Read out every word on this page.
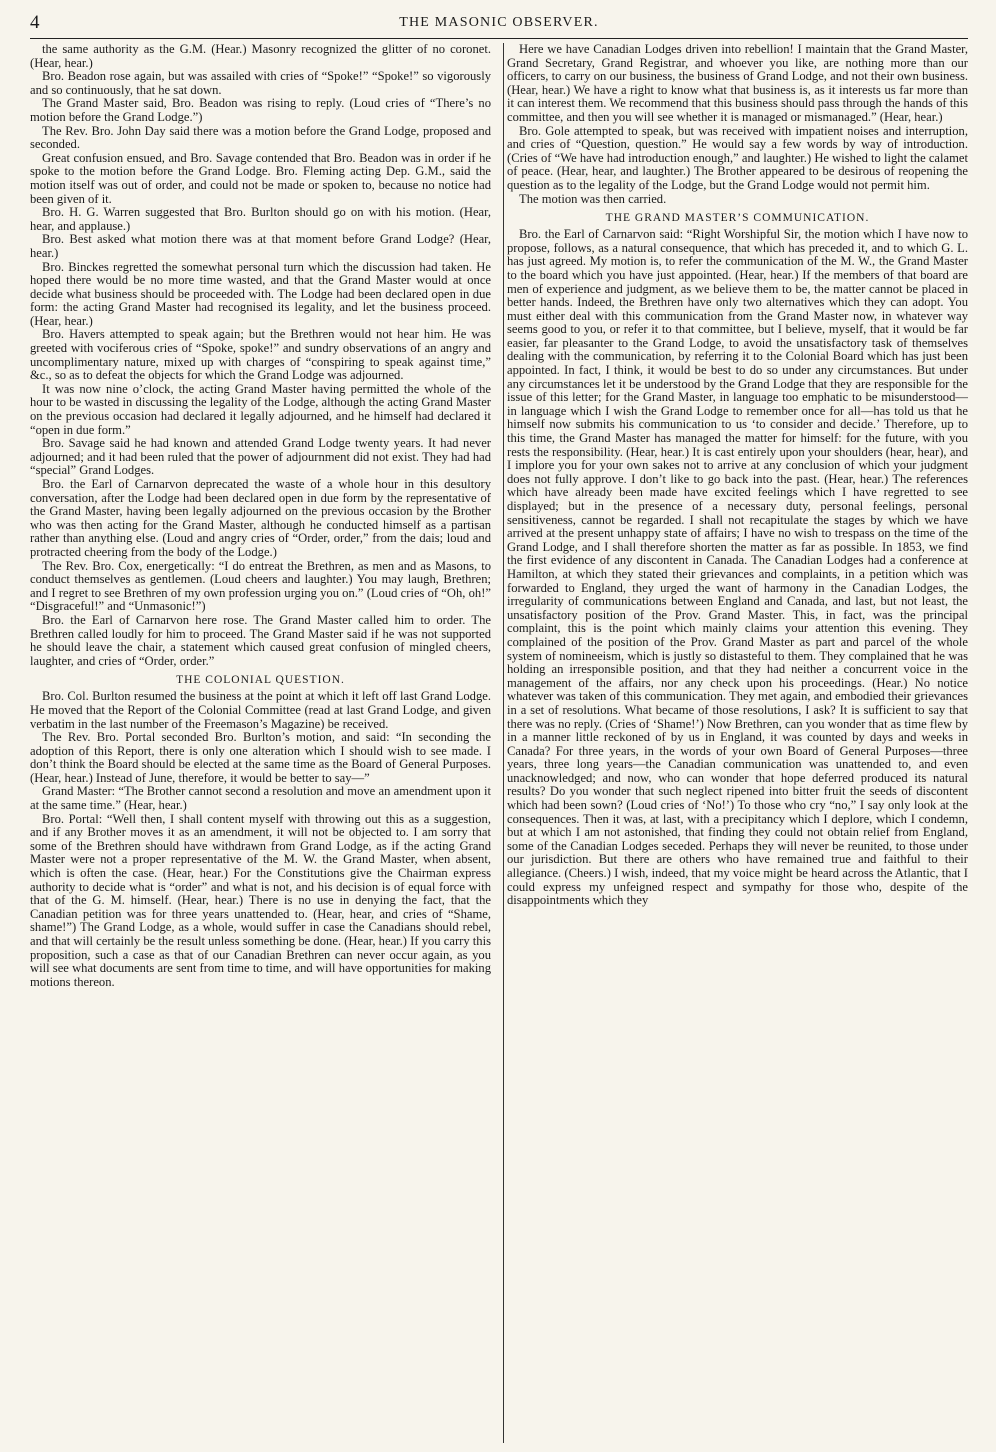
4	THE MASONIC OBSERVER.

the same authority as the G.M. (Hear.) Masonry recognized the glitter of no coronet. (Hear, hear.)

Bro. Beadon rose again, but was assailed with cries of “Spoke!” “Spoke!” so vigorously and so continuously, that he sat down.

The Grand Master said, Bro. Beadon was rising to reply. (Loud cries of “There’s no motion before the Grand Lodge.”)

The Rev. Bro. John Day said there was a motion before the Grand Lodge, proposed and seconded.

Great confusion ensued, and Bro. Savage contended that Bro. Beadon was in order if he spoke to the motion before the Grand Lodge. Bro. Fleming acting Dep. G.M., said the motion itself was out of order, and could not be made or spoken to, because no notice had been given of it.

Bro. H. G. Warren suggested that Bro. Burlton should go on with his motion. (Hear, hear, and applause.)

Bro. Best asked what motion there was at that moment before Grand Lodge? (Hear, hear.)

Bro. Binckes regretted the somewhat personal turn which the discussion had taken. He hoped there would be no more time wasted, and that the Grand Master would at once decide what business should be proceeded with. The Lodge had been declared open in due form: the acting Grand Master had recognised its legality, and let the business proceed. (Hear, hear.)

Bro. Havers attempted to speak again; but the Brethren would not hear him. He was greeted with vociferous cries of “Spoke, spoke!” and sundry observations of an angry and uncomplimentary nature, mixed up with charges of “conspiring to speak against time,” &c., so as to defeat the objects for which the Grand Lodge was adjourned.

It was now nine o’clock, the acting Grand Master having permitted the whole of the hour to be wasted in discussing the legality of the Lodge, although the acting Grand Master on the previous occasion had declared it legally adjourned, and he himself had declared it “open in due form.”

Bro. Savage said he had known and attended Grand Lodge twenty years. It had never adjourned; and it had been ruled that the power of adjournment did not exist. They had had “special” Grand Lodges.

Bro. the Earl of Carnarvon deprecated the waste of a whole hour in this desultory conversation, after the Lodge had been declared open in due form by the representative of the Grand Master, having been legally adjourned on the previous occasion by the Brother who was then acting for the Grand Master, although he conducted himself as a partisan rather than anything else. (Loud and angry cries of “Order, order,” from the dais; loud and protracted cheering from the body of the Lodge.)

The Rev. Bro. Cox, energetically: “I do entreat the Brethren, as men and as Masons, to conduct themselves as gentlemen. (Loud cheers and laughter.) You may laugh, Brethren; and I regret to see Brethren of my own profession urging you on.” (Loud cries of “Oh, oh!” “Disgraceful!” and “Unmasonic!”)

Bro. the Earl of Carnarvon here rose. The Grand Master called him to order. The Brethren called loudly for him to proceed. The Grand Master said if he was not supported he should leave the chair, a statement which caused great confusion of mingled cheers, laughter, and cries of “Order, order.”

THE COLONIAL QUESTION.

Bro. Col. Burlton resumed the business at the point at which it left off last Grand Lodge. He moved that the Report of the Colonial Committee (read at last Grand Lodge, and given verbatim in the last number of the Freemason’s Magazine) be received.

The Rev. Bro. Portal seconded Bro. Burlton’s motion, and said: “In seconding the adoption of this Report, there is only one alteration which I should wish to see made. I don’t think the Board should be elected at the same time as the Board of General Purposes. (Hear, hear.) Instead of June, therefore, it would be better to say—”

Grand Master: “The Brother cannot second a resolution and move an amendment upon it at the same time.” (Hear, hear.)

Bro. Portal: “Well then, I shall content myself with throwing out this as a suggestion, and if any Brother moves it as an amendment, it will not be objected to. I am sorry that some of the Brethren should have withdrawn from Grand Lodge, as if the acting Grand Master were not a proper representative of the M. W. the Grand Master, when absent, which is often the case. (Hear, hear.) For the Constitutions give the Chairman express authority to decide what is “order” and what is not, and his decision is of equal force with that of the G. M. himself. (Hear, hear.) There is no use in denying the fact, that the Canadian petition was for three years unattended to. (Hear, hear, and cries of “Shame, shame!”) The Grand Lodge, as a whole, would suffer in case the Canadians should rebel, and that will certainly be the result unless something be done. (Hear, hear.) If you carry this proposition, such a case as that of our Canadian Brethren can never occur again, as you will see what documents are sent from time to time, and will have opportunities for making motions thereon.

Here we have Canadian Lodges driven into rebellion! I maintain that the Grand Master, Grand Secretary, Grand Registrar, and whoever you like, are nothing more than our officers, to carry on our business, the business of Grand Lodge, and not their own business. (Hear, hear.) We have a right to know what that business is, as it interests us far more than it can interest them. We recommend that this business should pass through the hands of this committee, and then you will see whether it is managed or mismanaged.” (Hear, hear.)

Bro. Gole attempted to speak, but was received with impatient noises and interruption, and cries of “Question, question.” He would say a few words by way of introduction. (Cries of “We have had introduction enough,” and laughter.) He wished to light the calamet of peace. (Hear, hear, and laughter.) The Brother appeared to be desirous of reopening the question as to the legality of the Lodge, but the Grand Lodge would not permit him.

The motion was then carried.

THE GRAND MASTER’S COMMUNICATION.

Bro. the Earl of Carnarvon said: “Right Worshipful Sir, the motion which I have now to propose, follows, as a natural consequence, that which has preceded it, and to which G. L. has just agreed. My motion is, to refer the communication of the M. W., the Grand Master to the board which you have just appointed. (Hear, hear.) If the members of that board are men of experience and judgment, as we believe them to be, the matter cannot be placed in better hands. Indeed, the Brethren have only two alternatives which they can adopt. You must either deal with this communication from the Grand Master now, in whatever way seems good to you, or refer it to that committee, but I believe, myself, that it would be far easier, far pleasanter to the Grand Lodge, to avoid the unsatisfactory task of themselves dealing with the communication, by referring it to the Colonial Board which has just been appointed. In fact, I think, it would be best to do so under any circumstances. But under any circumstances let it be understood by the Grand Lodge that they are responsible for the issue of this letter; for the Grand Master, in language too emphatic to be misunderstood—in language which I wish the Grand Lodge to remember once for all—has told us that he himself now submits his communication to us ‘to consider and decide.’ Therefore, up to this time, the Grand Master has managed the matter for himself: for the future, with you rests the responsibility. (Hear, hear.) It is cast entirely upon your shoulders (hear, hear), and I implore you for your own sakes not to arrive at any conclusion of which your judgment does not fully approve. I don’t like to go back into the past. (Hear, hear.) The references which have already been made have excited feelings which I have regretted to see displayed; but in the presence of a necessary duty, personal feelings, personal sensitiveness, cannot be regarded. I shall not recapitulate the stages by which we have arrived at the present unhappy state of affairs; I have no wish to trespass on the time of the Grand Lodge, and I shall therefore shorten the matter as far as possible. In 1853, we find the first evidence of any discontent in Canada. The Canadian Lodges had a conference at Hamilton, at which they stated their grievances and complaints, in a petition which was forwarded to England, they urged the want of harmony in the Canadian Lodges, the irregularity of communications between England and Canada, and last, but not least, the unsatisfactory position of the Prov. Grand Master. This, in fact, was the principal complaint, this is the point which mainly claims your attention this evening. They complained of the position of the Prov. Grand Master as part and parcel of the whole system of nomineeism, which is justly so distasteful to them. They complained that he was holding an irresponsible position, and that they had neither a concurrent voice in the management of the affairs, nor any check upon his proceedings. (Hear.) No notice whatever was taken of this communication. They met again, and embodied their grievances in a set of resolutions. What became of those resolutions, I ask? It is sufficient to say that there was no reply. (Cries of ‘Shame!’) Now Brethren, can you wonder that as time flew by in a manner little reckoned of by us in England, it was counted by days and weeks in Canada? For three years, in the words of your own Board of General Purposes—three years, three long years—the Canadian communication was unattended to, and even unacknowledged; and now, who can wonder that hope deferred produced its natural results? Do you wonder that such neglect ripened into bitter fruit the seeds of discontent which had been sown? (Loud cries of ‘No!’) To those who cry “no,” I say only look at the consequences. Then it was, at last, with a precipitancy which I deplore, which I condemn, but at which I am not astonished, that finding they could not obtain relief from England, some of the Canadian Lodges seceded. Perhaps they will never be reunited, to those under our jurisdiction. But there are others who have remained true and faithful to their allegiance. (Cheers.) I wish, indeed, that my voice might be heard across the Atlantic, that I could express my unfeigned respect and sympathy for those who, despite of the disappointments which they
